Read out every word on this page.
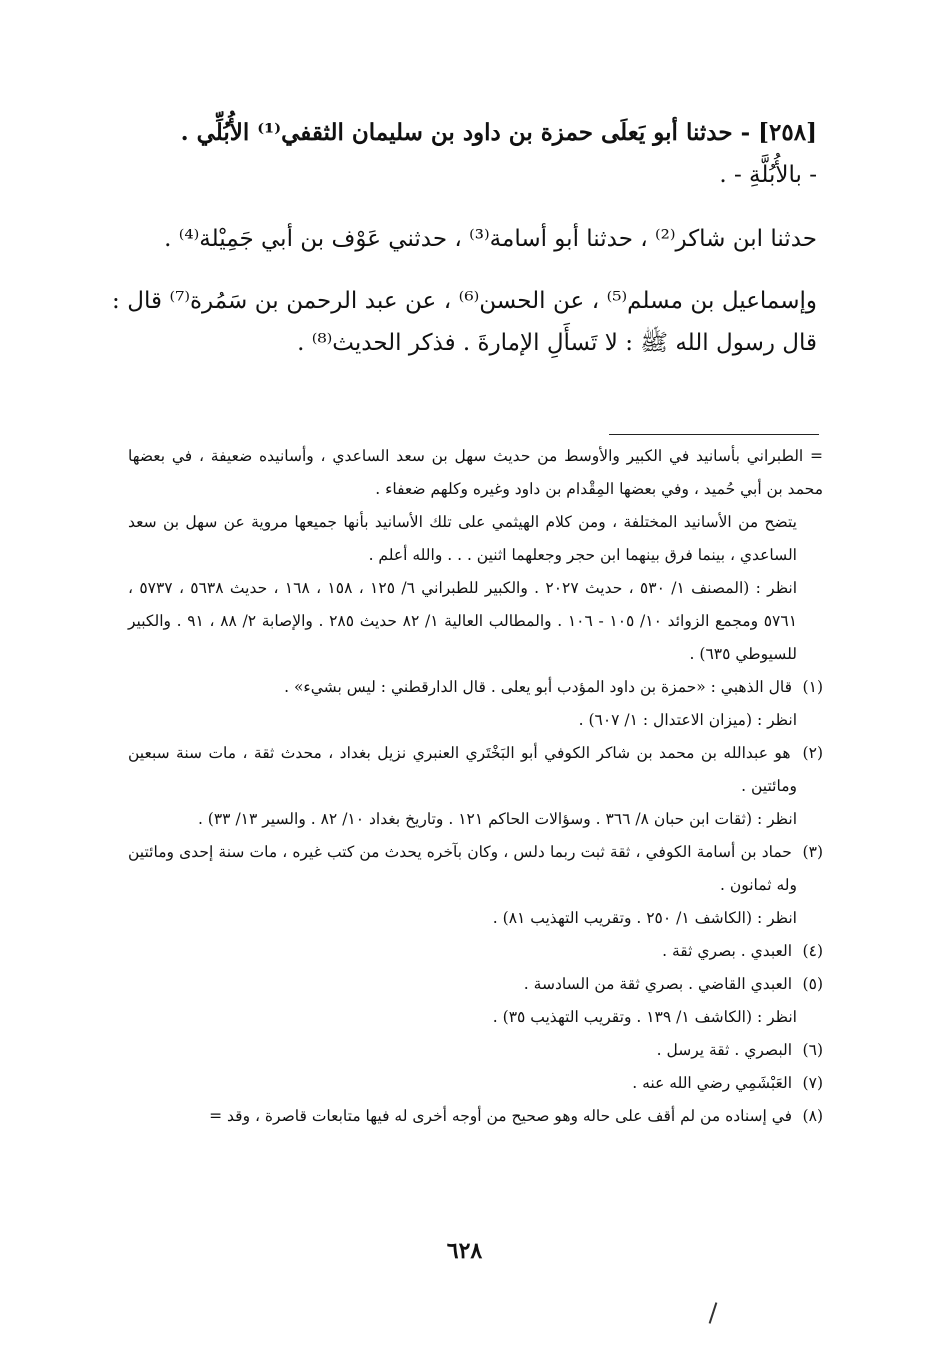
[٢٥٨] - حدثنا أبو يَعلَى حمزة بن داود بن سليمان الثقفي⁽¹⁾ الأُبُلِّي .

- بالأُبُلَّةِ - .

حدثنا ابن شاكر⁽²⁾ ، حدثنا أبو أسامة⁽³⁾ ، حدثني عَوْف بن أبي جَمِيْلة⁽⁴⁾ .

وإسماعيل بن مسلم⁽⁵⁾ ، عن الحسن⁽⁶⁾ ، عن عبد الرحمن بن سَمُرة⁽⁷⁾ قال : قال رسول الله ﷺ : لا تَسأَلِ الإمارةَ . فذكر الحديث⁽⁸⁾ .

= الطبراني بأسانيد في الكبير والأوسط من حديث سهل بن سعد الساعدي ، وأسانيده ضعيفة ، في بعضها محمد بن أبي حُميد ، وفي بعضها المِقْدام بن داود وغيره وكلهم ضعفاء .

يتضح من الأسانيد المختلفة ، ومن كلام الهيثمي على تلك الأسانيد بأنها جميعها مروية عن سهل بن سعد الساعدي ، بينما فرق بينهما ابن حجر وجعلهما اثنين . . . والله أعلم .

انظر : (المصنف ١/ ٥٣٠ ، حديث ٢٠٢٧ . والكبير للطبراني ٦/ ١٢٥ ، ١٥٨ ، ١٦٨ ، حديث ٥٦٣٨ ، ٥٧٣٧ ، ٥٧٦١ ومجمع الزوائد ١٠/ ١٠٥ - ١٠٦ . والمطالب العالية ١/ ٨٢ حديث ٢٨٥ . والإصابة ٢/ ٨٨ ، ٩١ . والكبير للسيوطي ٦٣٥) .

(١) قال الذهبي : «حمزة بن داود المؤدب أبو يعلى . قال الدارقطني : ليس بشيء» .

انظر : (ميزان الاعتدال : ١/ ٦٠٧) .

(٢) هو عبدالله بن محمد بن شاكر الكوفي أبو البَخْتَري العنبري نزيل بغداد ، محدث ثقة ، مات سنة سبعين ومائتين .

انظر : (ثقات ابن حبان ٨/ ٣٦٦ . وسؤالات الحاكم ١٢١ . وتاريخ بغداد ١٠/ ٨٢ . والسير ١٣/ ٣٣) .

(٣) حماد بن أسامة الكوفي ، ثقة ثبت ربما دلس ، وكان بآخره يحدث من كتب غيره ، مات سنة إحدى ومائتين وله ثمانون .

انظر : (الكاشف ١/ ٢٥٠ . وتقريب التهذيب ٨١) .

(٤) العبدي . بصري ثقة .

(٥) العبدي القاضي . بصري ثقة من السادسة .

انظر : (الكاشف ١/ ١٣٩ . وتقريب التهذيب ٣٥) .

(٦) البصري . ثقة يرسل .

(٧) العَبْشَمِي رضي الله عنه .

(٨) في إسناده من لم أقف على حاله وهو صحيح من أوجه أخرى له فيها متابعات قاصرة ، وقد =

٦٢٨
